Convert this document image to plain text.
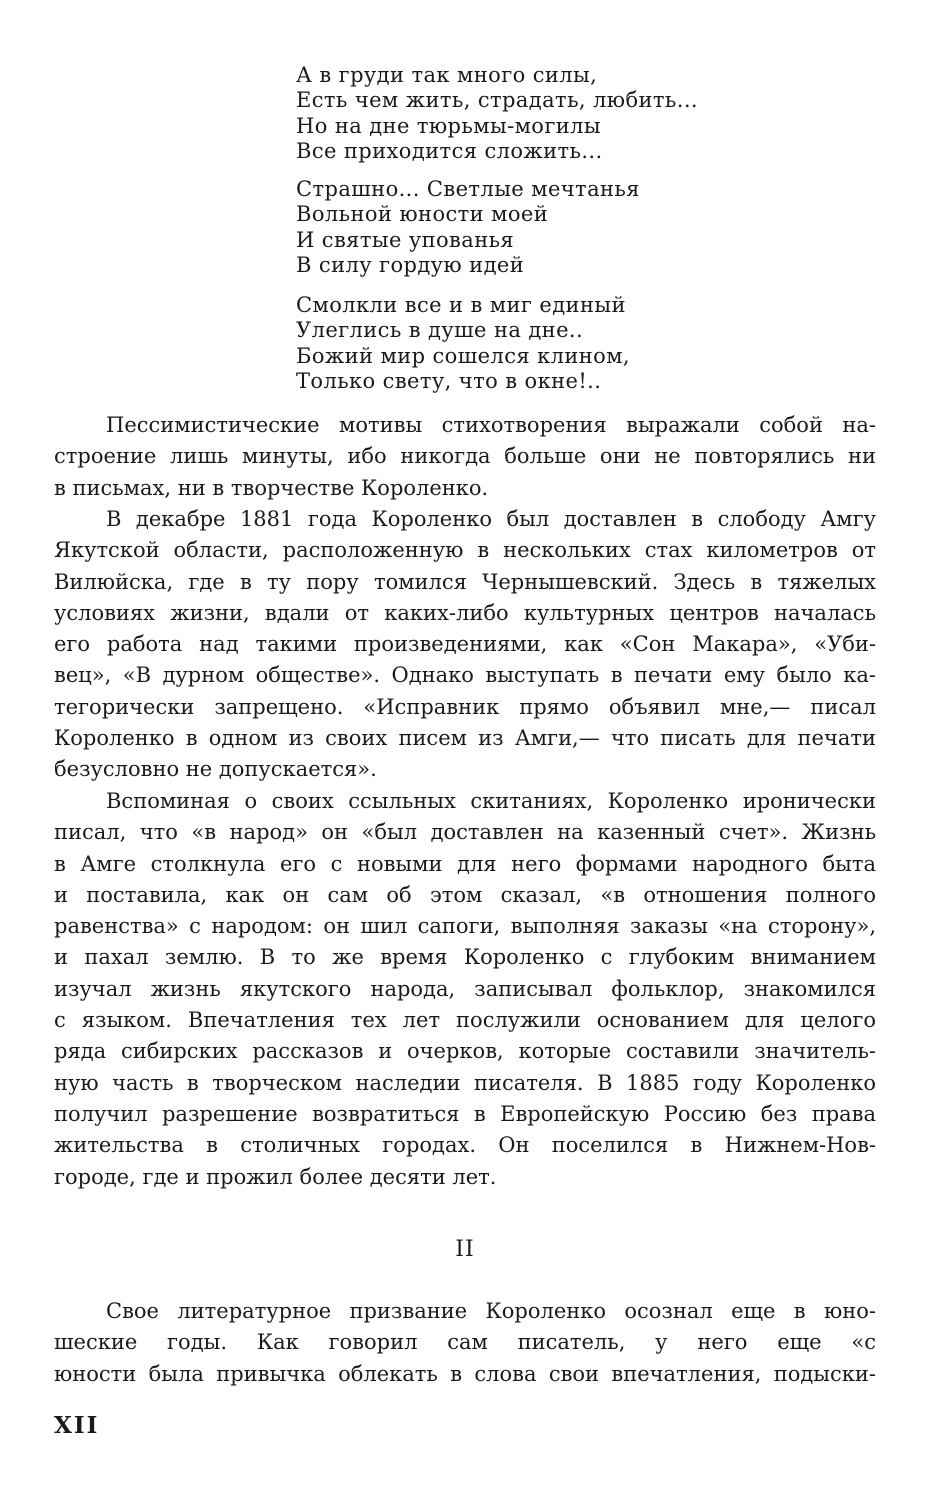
А в груди так много силы,
Есть чем жить, страдать, любить...
Но на дне тюрьмы-могилы
Все приходится сложить...
Страшно... Светлые мечтанья
Вольной юности моей
И святые упованья
В силу гордую идей
Смолкли все и в миг единый
Улеглись в душе на дне..
Божий мир сошелся клином,
Только свету, что в окне!..
Пессимистические мотивы стихотворения выражали собой на-
строение лишь минуты, ибо никогда больше они не повторялись ни
в письмах, ни в творчестве Короленко.
В декабре 1881 года Короленко был доставлен в слободу Амгу
Якутской области, расположенную в нескольких стах километров от
Вилюйска, где в ту пору томился Чернышевский. Здесь в тяжелых
условиях жизни, вдали от каких-либо культурных центров началась
его работа над такими произведениями, как «Сон Макара», «Уби-
вец», «В дурном обществе». Однако выступать в печати ему было ка-
тегорически запрещено. «Исправник прямо объявил мне,— писал
Короленко в одном из своих писем из Амги,— что писать для печати
безусловно не допускается».
Вспоминая о своих ссыльных скитаниях, Короленко иронически
писал, что «в народ» он «был доставлен на казенный счет». Жизнь
в Амге столкнула его с новыми для него формами народного быта
и поставила, как он сам об этом сказал, «в отношения полного
равенства» с народом: он шил сапоги, выполняя заказы «на сторону»,
и пахал землю. В то же время Короленко с глубоким вниманием
изучал жизнь якутского народа, записывал фольклор, знакомился
с языком. Впечатления тех лет послужили основанием для целого
ряда сибирских рассказов и очерков, которые составили значитель-
ную часть в творческом наследии писателя. В 1885 году Короленко
получил разрешение возвратиться в Европейскую Россию без права
жительства в столичных городах. Он поселился в Нижнем-Нов-
городе, где и прожил более десяти лет.
II
Свое литературное призвание Короленко осознал еще в юно-
шеские годы. Как говорил сам писатель, у него еще «с
юности была привычка облекать в слова свои впечатления, подыски-
XII
